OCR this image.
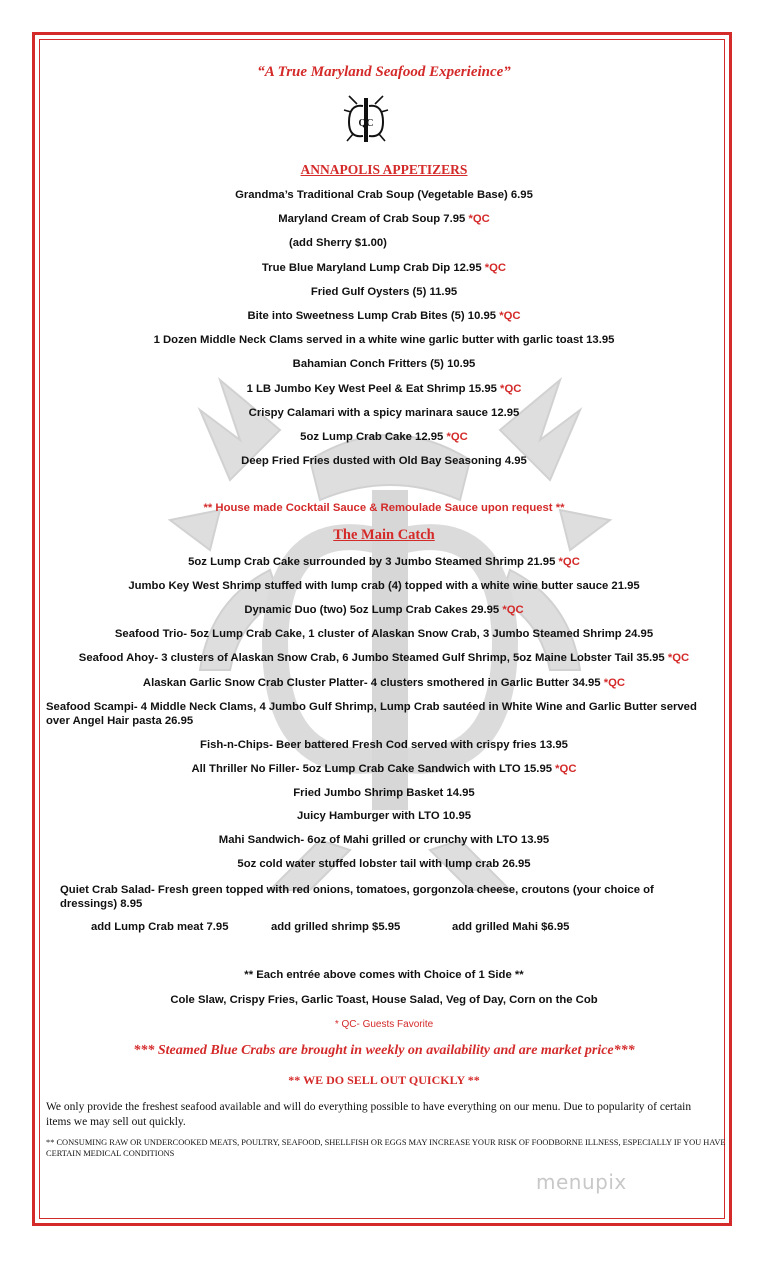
“A True Maryland Seafood Experieince”
QC
ANNAPOLIS APPETIZERS
Grandma’s Traditional Crab Soup (Vegetable Base) 6.95
Maryland Cream of Crab Soup 7.95 *QC
(add Sherry $1.00)
True Blue Maryland Lump Crab Dip 12.95 *QC
Fried Gulf Oysters (5) 11.95
Bite into Sweetness Lump Crab Bites (5) 10.95 *QC
1 Dozen Middle Neck Clams served in a white wine garlic butter with garlic toast 13.95
Bahamian Conch Fritters (5) 10.95
1 LB Jumbo Key West Peel & Eat Shrimp 15.95 *QC
Crispy Calamari with a spicy marinara sauce 12.95
5oz Lump Crab Cake 12.95 *QC
Deep Fried Fries dusted with Old Bay Seasoning 4.95
** House made Cocktail Sauce & Remoulade Sauce upon request **
The Main Catch
5oz Lump Crab Cake surrounded by 3 Jumbo Steamed Shrimp 21.95 *QC
Jumbo Key West Shrimp stuffed with lump crab (4) topped with a white wine butter sauce 21.95
Dynamic Duo (two) 5oz Lump Crab Cakes 29.95 *QC
Seafood Trio- 5oz Lump Crab Cake, 1 cluster of Alaskan Snow Crab, 3 Jumbo Steamed Shrimp 24.95
Seafood Ahoy- 3 clusters of Alaskan Snow Crab, 6 Jumbo Steamed Gulf Shrimp, 5oz Maine Lobster Tail 35.95 *QC
Alaskan Garlic Snow Crab Cluster Platter- 4 clusters smothered in Garlic Butter 34.95 *QC
Seafood Scampi- 4 Middle Neck Clams, 4 Jumbo Gulf Shrimp, Lump Crab sautéed in White Wine and Garlic Butter served over Angel Hair pasta 26.95
Fish-n-Chips- Beer battered Fresh Cod served with crispy fries 13.95
All Thriller No Filler- 5oz Lump Crab Cake Sandwich with LTO 15.95 *QC
Fried Jumbo Shrimp Basket 14.95
Juicy Hamburger with LTO 10.95
Mahi Sandwich- 6oz of Mahi grilled or crunchy with LTO 13.95
5oz cold water stuffed lobster tail with lump crab 26.95
Quiet Crab Salad- Fresh green topped with red onions, tomatoes, gorgonzola cheese, croutons (your choice of dressings) 8.95
add Lump Crab meat 7.95	add grilled shrimp $5.95	add grilled Mahi $6.95
** Each entrée above comes with Choice of 1 Side **
Cole Slaw, Crispy Fries, Garlic Toast, House Salad, Veg of Day, Corn on the Cob
* QC- Guests Favorite
*** Steamed Blue Crabs are brought in weekly on availability and are market price***
** WE DO SELL OUT QUICKLY **
We only provide the freshest seafood available and will do everything possible to have everything on our menu. Due to popularity of certain items we may sell out quickly.
** CONSUMING RAW OR UNDERCOOKED MEATS, POULTRY, SEAFOOD, SHELLFISH OR EGGS MAY INCREASE YOUR RISK OF FOODBORNE ILLNESS, ESPECIALLY IF YOU HAVE CERTAIN MEDICAL CONDITIONS
menupix
